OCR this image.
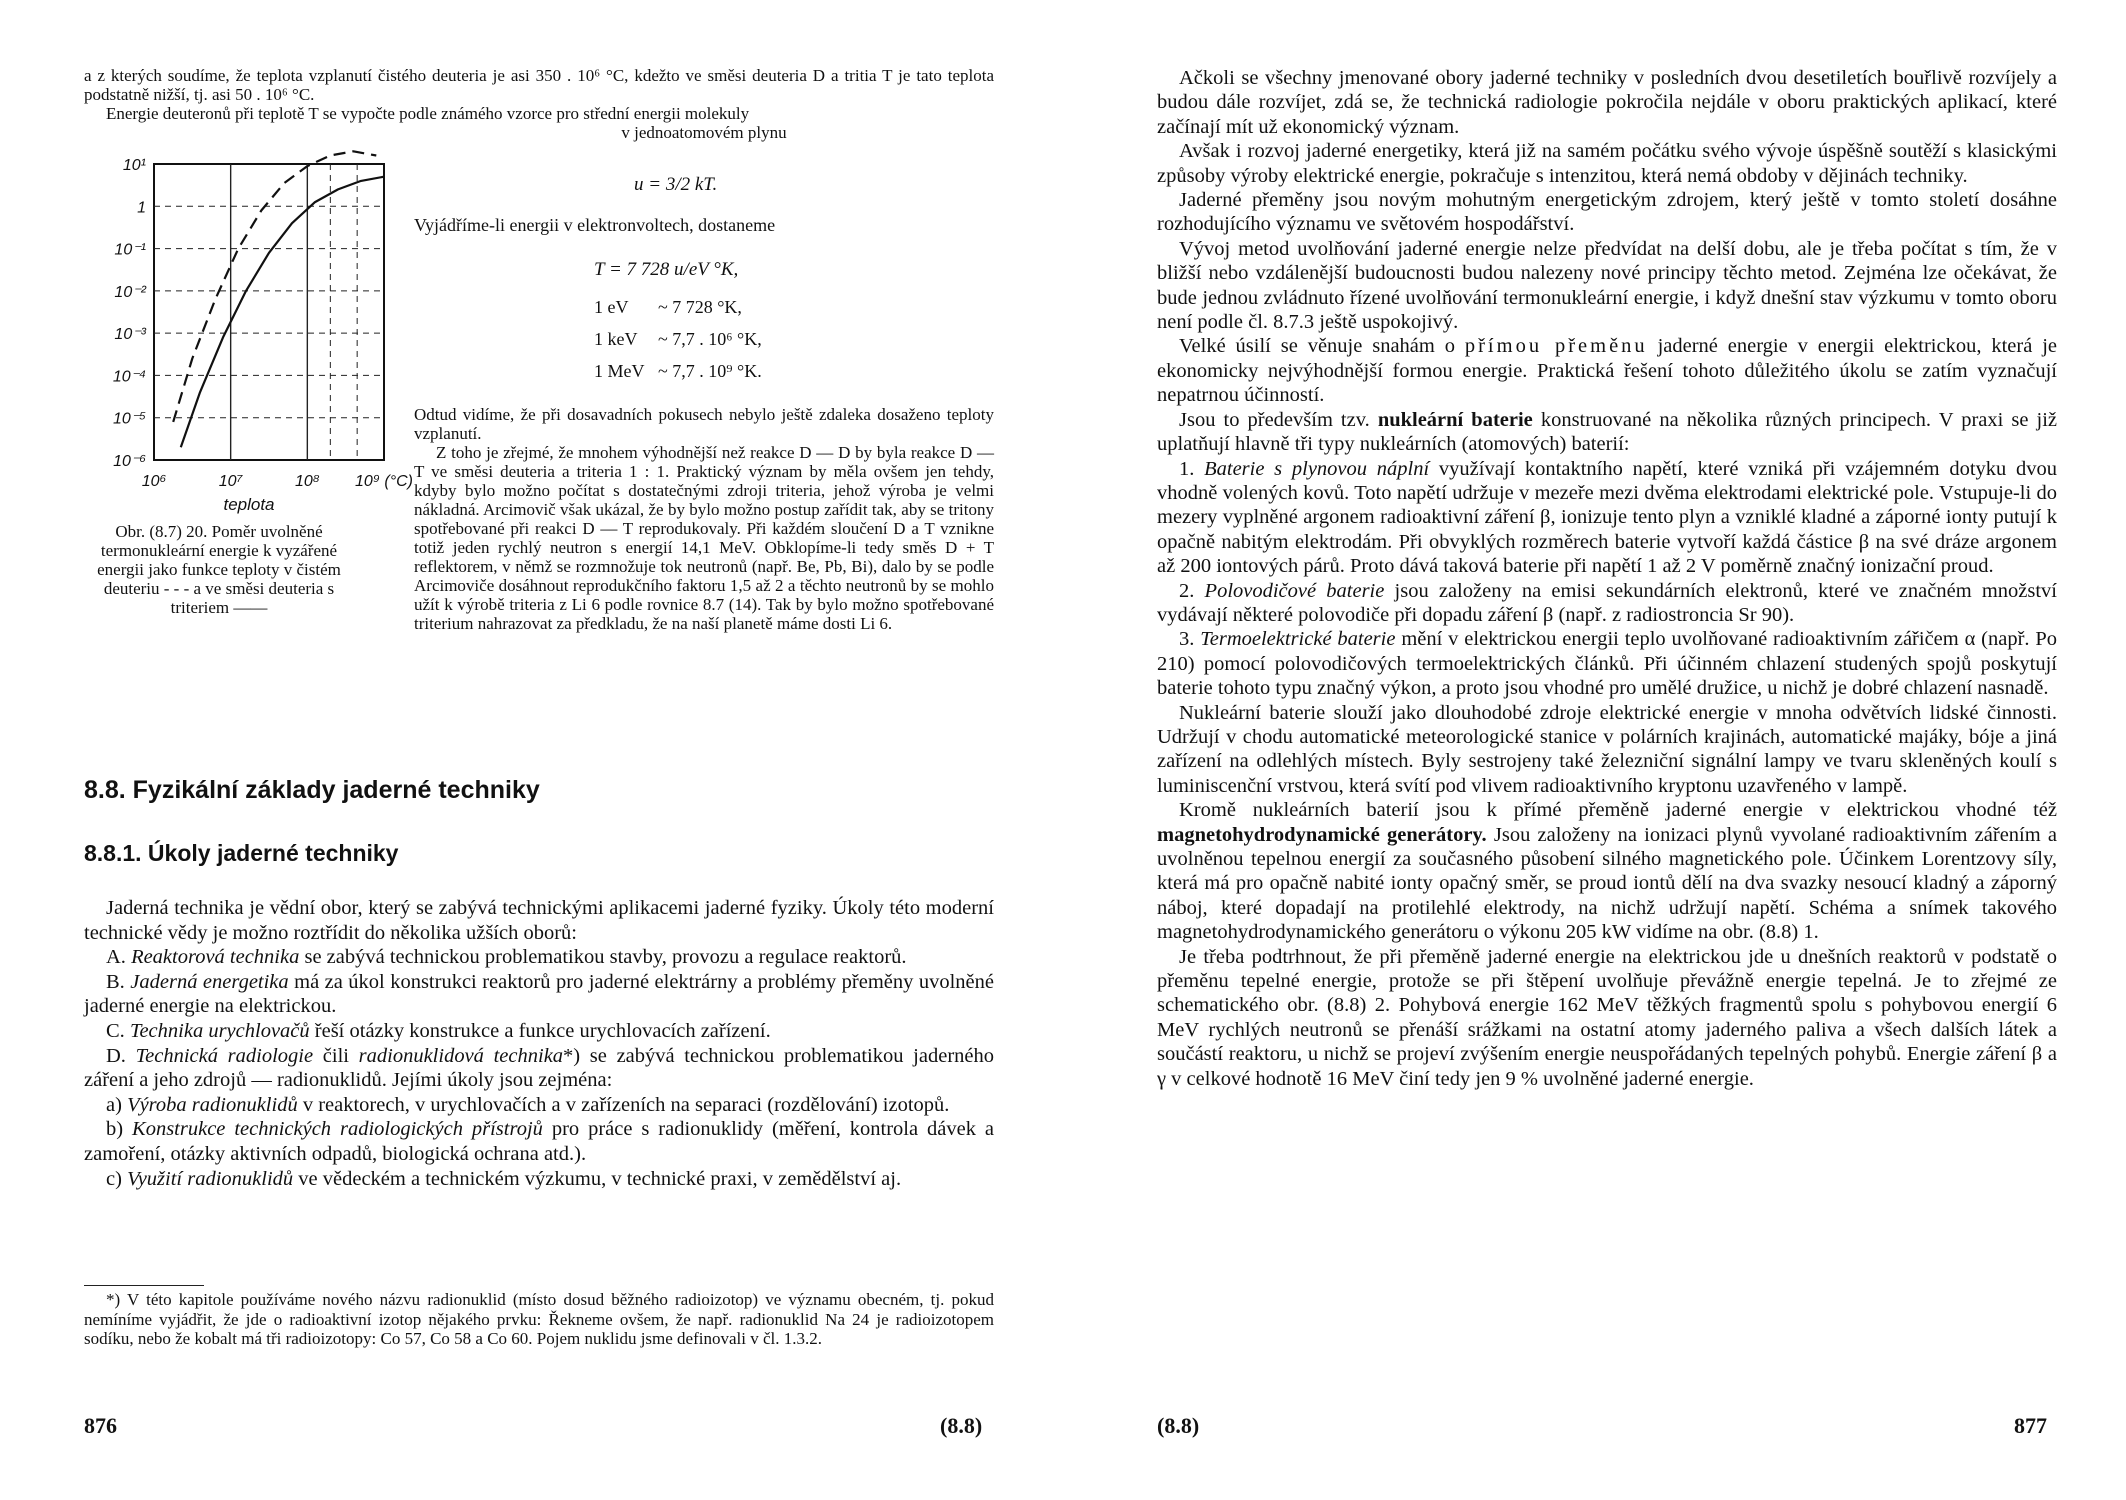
a z kterých soudíme, že teplota vzplanutí čistého deuteria je asi 350 . 10⁶ °C, kdežto ve směsi deuteria D a tritia T je tato teplota podstatně nižší, tj. asi 50 . 10⁶ °C.

Energie deuteronů při teplotě T se vypočte podle známého vzorce pro střední energii molekuly

v jednoatomovém plynu

10¹
1
10⁻¹
10⁻²
10⁻³
10⁻⁴
10⁻⁵
10⁻⁶
10⁶	10⁷	10⁸ 10⁹ (°C)
teplota

Obr. (8.7) 20. Poměr uvolněné termonukleární energie k vyzářené energii jako funkce teploty v čistém deuteriu - - - a ve směsi deuteria s triteriem ——

u = 3/2 kT.

Vyjádříme-li energii v elektronvoltech, dostaneme

T = 7 728 u/eV °K,

1 eV ~ 7 728 °K,
1 keV ~ 7,7 . 10⁶ °K,
1 MeV ~ 7,7 . 10⁹ °K.

Odtud vidíme, že při dosavadních pokusech nebylo ještě zdaleka dosaženo teploty vzplanutí.

Z toho je zřejmé, že mnohem výhodnější než reakce D — D by byla reakce D — T ve směsi deuteria a triteria 1 : 1. Praktický význam by měla ovšem jen tehdy, kdyby bylo možno počítat s dostatečnými zdroji triteria, jehož výroba je velmi nákladná. Arcimovič však ukázal, že by bylo možno postup zařídit tak, aby se tritony spotřebované při reakci D — T reprodukovaly. Při každém sloučení D a T vznikne totiž jeden rychlý neutron s energií 14,1 MeV. Obklopíme-li tedy směs D + T reflektorem, v němž se rozmnožuje tok neutronů (např. Be, Pb, Bi), dalo by se podle Arcimoviče dosáhnout reprodukčního faktoru 1,5 až 2 a těchto neutronů by se mohlo užít k výrobě triteria z Li 6 podle rovnice 8.7 (14). Tak by bylo možno spotřebované triterium nahrazovat za předkladu, že na naší planetě máme dosti Li 6.

8.8. Fyzikální základy jaderné techniky
8.8.1. Úkoly jaderné techniky

Jaderná technika je vědní obor, který se zabývá technickými aplikacemi jaderné fyziky. Úkoly této moderní technické vědy je možno roztřídit do několika užších oborů:

A. Reaktorová technika se zabývá technickou problematikou stavby, provozu a regulace reaktorů.

B. Jaderná energetika má za úkol konstrukci reaktorů pro jaderné elektrárny a problémy přeměny uvolněné jaderné energie na elektrickou.

C. Technika urychlovačů řeší otázky konstrukce a funkce urychlovacích zařízení.

D. Technická radiologie čili radionuklidová technika*) se zabývá technickou problematikou jaderného záření a jeho zdrojů — radionuklidů. Jejími úkoly jsou zejména:

a) Výroba radionuklidů v reaktorech, v urychlovačích a v zařízeních na separaci (rozdělování) izotopů.

b) Konstrukce technických radiologických přístrojů pro práce s radionuklidy (měření, kontrola dávek a zamoření, otázky aktivních odpadů, biologická ochrana atd.).

c) Využití radionuklidů ve vědeckém a technickém výzkumu, v technické praxi, v zemědělství aj.

*) V této kapitole používáme nového názvu radionuklid (místo dosud běžného radioizotop) ve významu obecném, tj. pokud nemíníme vyjádřit, že jde o radioaktivní izotop nějakého prvku: Řekneme ovšem, že např. radionuklid Na 24 je radioizotopem sodíku, nebo že kobalt má tři radioizotopy: Co 57, Co 58 a Co 60. Pojem nuklidu jsme definovali v čl. 1.3.2.

876	(8.8)

Ačkoli se všechny jmenované obory jaderné techniky v posledních dvou desetiletích bouřlivě rozvíjely a budou dále rozvíjet, zdá se, že technická radiologie pokročila nejdále v oboru praktických aplikací, které začínají mít už ekonomický význam.

Avšak i rozvoj jaderné energetiky, která již na samém počátku svého vývoje úspěšně soutěží s klasickými způsoby výroby elektrické energie, pokračuje s intenzitou, která nemá obdoby v dějinách techniky.

Jaderné přeměny jsou novým mohutným energetickým zdrojem, který ještě v tomto století dosáhne rozhodujícího významu ve světovém hospodářství.

Vývoj metod uvolňování jaderné energie nelze předvídat na delší dobu, ale je třeba počítat s tím, že v bližší nebo vzdálenější budoucnosti budou nalezeny nové principy těchto metod. Zejména lze očekávat, že bude jednou zvládnuto řízené uvolňování termonukleární energie, i když dnešní stav výzkumu v tomto oboru není podle čl. 8.7.3 ještě uspokojivý.

Velké úsilí se věnuje snahám o přímou přeměnu jaderné energie v energii elektrickou, která je ekonomicky nejvýhodnější formou energie. Praktická řešení tohoto důležitého úkolu se zatím vyznačují nepatrnou účinností.

Jsou to především tzv. nukleární baterie konstruované na několika různých principech. V praxi se již uplatňují hlavně tři typy nukleárních (atomových) baterií:

1. Baterie s plynovou náplní využívají kontaktního napětí, které vzniká při vzájemném dotyku dvou vhodně volených kovů. Toto napětí udržuje v mezeře mezi dvěma elektrodami elektrické pole. Vstupuje-li do mezery vyplněné argonem radioaktivní záření β, ionizuje tento plyn a vzniklé kladné a záporné ionty putují k opačně nabitým elektrodám. Při obvyklých rozměrech baterie vytvoří každá částice β na své dráze argonem až 200 iontových párů. Proto dává taková baterie při napětí 1 až 2 V poměrně značný ionizační proud.

2. Polovodičové baterie jsou založeny na emisi sekundárních elektronů, které ve značném množství vydávají některé polovodiče při dopadu záření β (např. z radiostroncia Sr 90).

3. Termoelektrické baterie mění v elektrickou energii teplo uvolňované radioaktivním zářičem α (např. Po 210) pomocí polovodičových termoelektrických článků. Při účinném chlazení studených spojů poskytují baterie tohoto typu značný výkon, a proto jsou vhodné pro umělé družice, u nichž je dobré chlazení nasnadě.

Nukleární baterie slouží jako dlouhodobé zdroje elektrické energie v mnoha odvětvích lidské činnosti. Udržují v chodu automatické meteorologické stanice v polárních krajinách, automatické majáky, bóje a jiná zařízení na odlehlých místech. Byly sestrojeny také železniční signální lampy ve tvaru skleněných koulí s luminiscenční vrstvou, která svítí pod vlivem radioaktivního kryptonu uzavřeného v lampě.

Kromě nukleárních baterií jsou k přímé přeměně jaderné energie v elektrickou vhodné též magnetohydrodynamické generátory. Jsou založeny na ionizaci plynů vyvolané radioaktivním zářením a uvolněnou tepelnou energií za současného působení silného magnetického pole. Účinkem Lorentzovy síly, která má pro opačně nabité ionty opačný směr, se proud iontů dělí na dva svazky nesoucí kladný a záporný náboj, které dopadají na protilehlé elektrody, na nichž udržují napětí. Schéma a snímek takového magnetohydrodynamického generátoru o výkonu 205 kW vidíme na obr. (8.8) 1.

Je třeba podtrhnout, že při přeměně jaderné energie na elektrickou jde u dnešních reaktorů v podstatě o přeměnu tepelné energie, protože se při štěpení uvolňuje převážně energie tepelná. Je to zřejmé ze schematického obr. (8.8) 2. Pohybová energie 162 MeV těžkých fragmentů spolu s pohybovou energií 6 MeV rychlých neutronů se přenáší srážkami na ostatní atomy jaderného paliva a všech dalších látek a součástí reaktoru, u nichž se projeví zvýšením energie neuspořádaných tepelných pohybů. Energie záření β a γ v celkové hodnotě 16 MeV činí tedy jen 9 % uvolněné jaderné energie.

(8.8)	877
